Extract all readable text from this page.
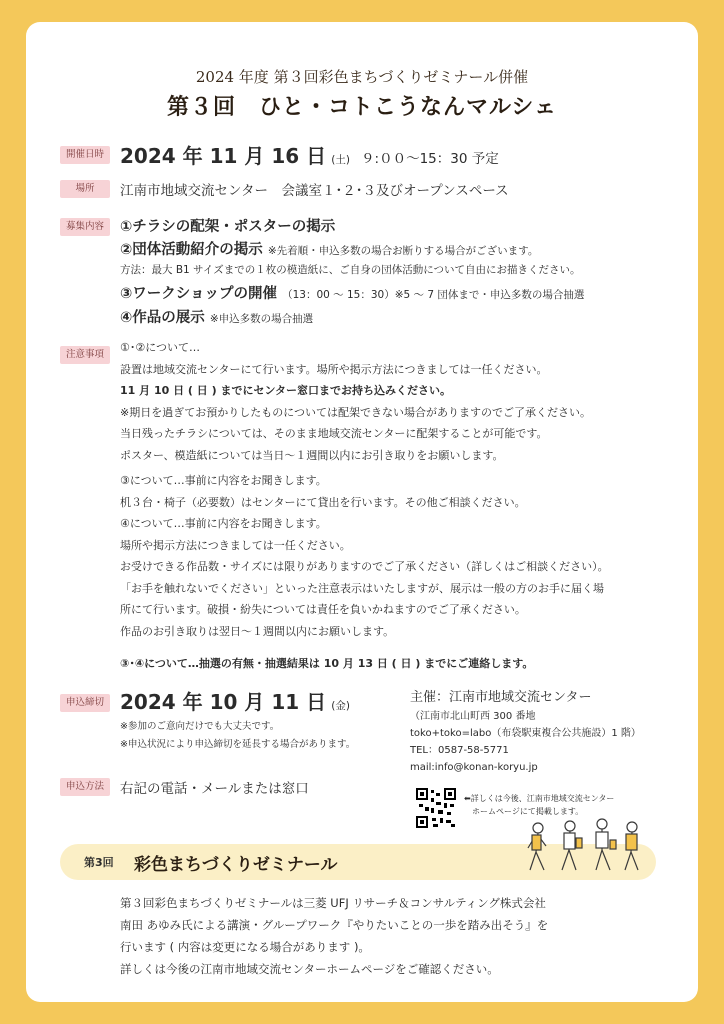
2024 年度 第３回彩色まちづくりゼミナール併催
第３回　ひと・コトこうなんマルシェ
開催日時 2024 年 11 月 16 日 (土) ９:００～15：30 予定
場所	江南市地域交流センター　会議室１･２･３及びオープンスペース
募集内容	①チラシの配架・ポスターの掲示
②団体活動紹介の掲示 ※先着順・申込多数の場合お断りする場合がございます。
方法：最大 B1 サイズまでの１枚の模造紙に、ご自身の団体活動について自由にお描きください。
③ワークショップの開催 （13：00 ～ 15：30）※5 ～ 7 団体まで・申込多数の場合抽選
④作品の展示 ※申込多数の場合抽選
注意事項
①･②について…
設置は地域交流センターにて行います。場所や掲示方法につきましては一任ください。
11 月 10 日 ( 日 ) までにセンター窓口までお持ち込みください。
※期日を過ぎてお預かりしたものについては配架できない場合がありますのでご了承ください。
当日残ったチラシについては、そのまま地域交流センターに配架することが可能です。
ポスター、模造紙については当日～１週間以内にお引き取りをお願いします。
③について…事前に内容をお聞きします。
机３台・椅子（必要数）はセンターにて貸出を行います。その他ご相談ください。
④について…事前に内容をお聞きします。
場所や掲示方法につきましては一任ください。
お受けできる作品数・サイズには限りがありますのでご了承ください（詳しくはご相談ください）。
「お手を触れないでください」といった注意表示はいたしますが、展示は一般の方のお手に届く場
所にて行います。破損・紛失については責任を負いかねますのでご了承ください。
作品のお引き取りは翌日～１週間以内にお願いします。
③･④について…抽選の有無・抽選結果は 10 月 13 日 ( 日 ) までにご連絡します。
申込締切 2024 年 10 月 11 日 (金)
※参加のご意向だけでも大丈夫です。
※申込状況により申込締切を延長する場合があります。
主催：江南市地域交流センター
（江南市北山町西 300 番地
toko+toko=labo（布袋駅東複合公共施設）1 階）
TEL：0587-58-5771
mail:info@konan-koryu.jp
申込方法	右記の電話・メールまたは窓口
⬅詳しくは今後、江南市地域交流センター
ホームページにて掲載します。
第3回 彩色まちづくりゼミナール
第３回彩色まちづくりゼミナールは三菱 UFJ リサーチ＆コンサルティング株式会社
南田 あゆみ氏による講演・グループワーク『やりたいことの一歩を踏み出そう』を
行います ( 内容は変更になる場合があります )。
詳しくは今後の江南市地域交流センターホームページをご確認ください。
